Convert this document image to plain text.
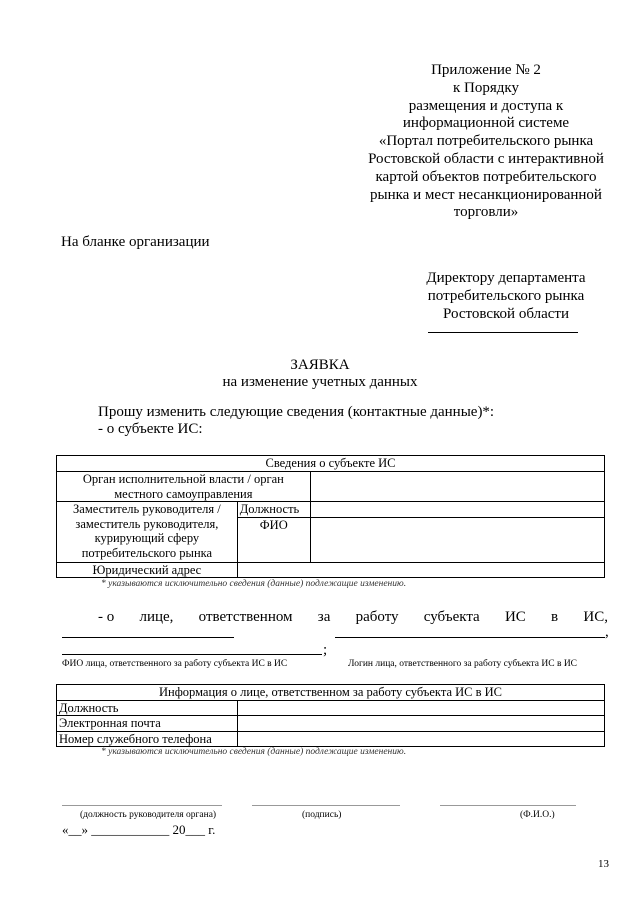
Приложение № 2
к Порядку
размещения и доступа к
информационной системе
«Портал потребительского рынка
Ростовской области с интерактивной
картой объектов потребительского
рынка и мест несанкционированной
торговли»
На бланке организации
Директору департамента
потребительского рынка
Ростовской области
ЗАЯВКА
на изменение учетных данных
Прошу изменить следующие сведения (контактные данные)*:
- о субъекте ИС:
Сведения о субъекте ИС		
Орган исполнительной власти / орган местного самоуправления		
Заместитель руководителя / заместитель руководителя, курирующий сферу потребительского рынка	Должность	
	ФИО	
Юридический адрес		
* указываются исключительно сведения (данные) подлежащие изменению.
- о лице, ответственном за работу субъекта ИС в ИС,
,
;
ФИО лица, ответственного за работу субъекта ИС в ИС	Логин лица, ответственного за работу субъекта ИС в ИС
Информация о лице, ответственном за работу субъекта ИС в ИС	
Должность	
Электронная почта	
Номер служебного телефона	
* указываются исключительно сведения (данные) подлежащие изменению.
(должность руководителя органа)	(подпись)	(Ф.И.О.)
«__» ____________ 20___ г.
13
